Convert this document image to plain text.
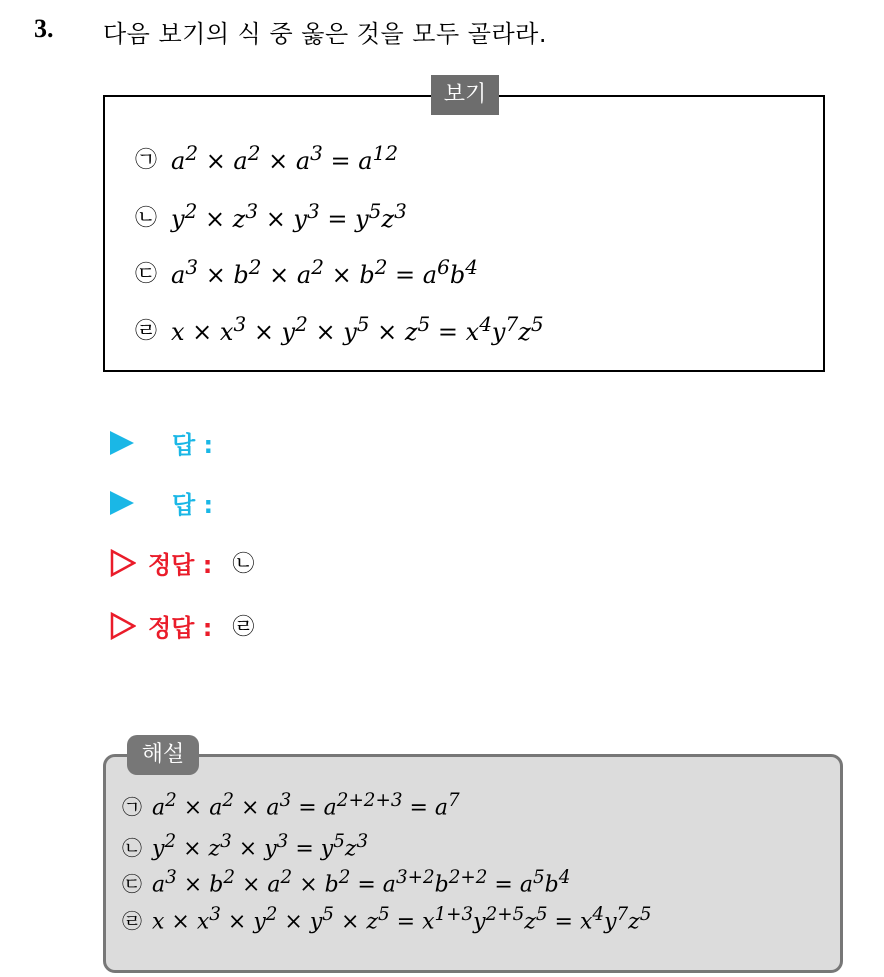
3. 다음 보기의 식 중 옳은 것을 모두 골라라.
보기
㉠ $a^2 \times a^2 \times a^3 = a^{12}$
㉡ $y^2 \times z^3 \times y^3 = y^5z^3$
㉢ $a^3 \times b^2 \times a^2 \times b^2 = a^6b^4$
㉣ $x \times x^3 \times y^2 \times y^5 \times z^5 = x^4y^7z^5$
답 :
답 :
정답 : ㉡
정답 : ㉣
해설
㉠ $a^2 \times a^2 \times a^3 = a^{2+2+3} = a^7$
㉡ $y^2 \times z^3 \times y^3 = y^5z^3$
㉢ $a^3 \times b^2 \times a^2 \times b^2 = a^{3+2}b^{2+2} = a^5b^4$
㉣ $x \times x^3 \times y^2 \times y^5 \times z^5 = x^{1+3}y^{2+5}z^5 = x^4y^7z^5$
